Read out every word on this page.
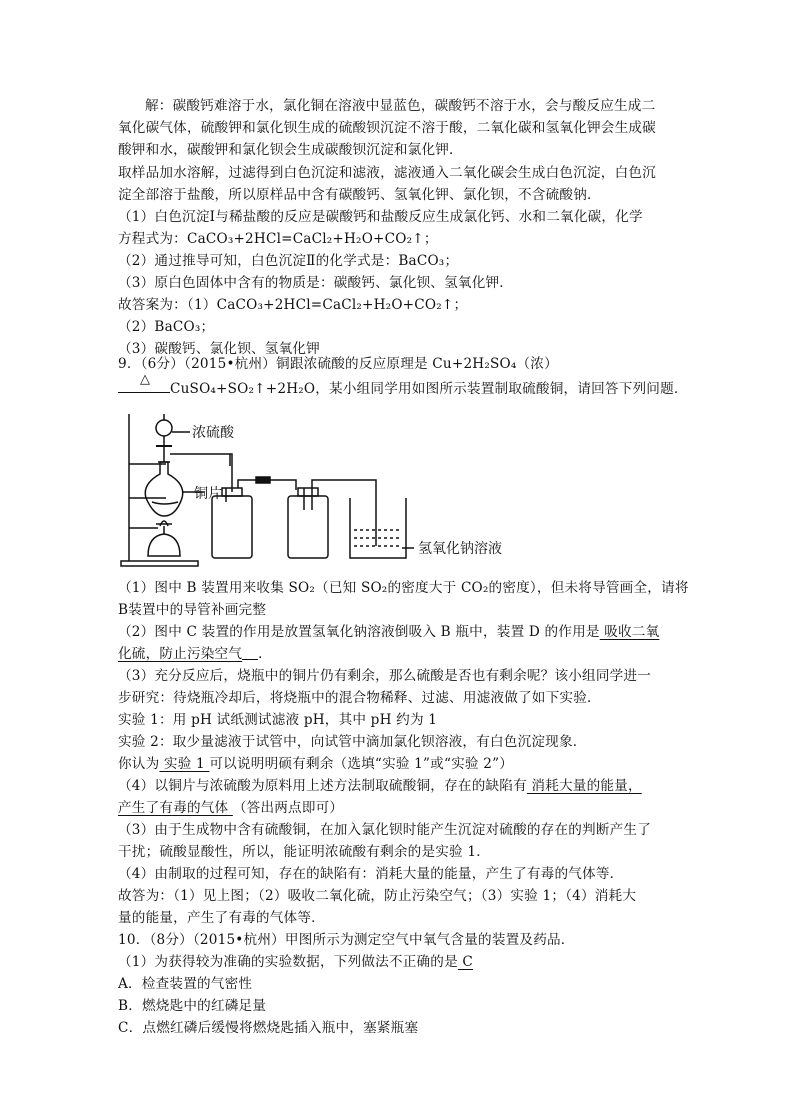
解：碳酸钙难溶于水，氯化铜在溶液中显蓝色，碳酸钙不溶于水，会与酸反应生成二
氧化碳气体，硫酸钾和氯化钡生成的硫酸钡沉淀不溶于酸，二氧化碳和氢氧化钾会生成碳
酸钾和水，碳酸钾和氯化钡会生成碳酸钡沉淀和氯化钾．
取样品加水溶解，过滤得到白色沉淀和滤液，滤液通入二氧化碳会生成白色沉淀，白色沉
淀全部溶于盐酸，所以原样品中含有碳酸钙、氢氧化钾、氯化钡，不含硫酸钠．
（1）白色沉淀Ⅰ与稀盐酸的反应是碳酸钙和盐酸反应生成氯化钙、水和二氧化碳，化学
方程式为：CaCO₃+2HCl=CaCl₂+H₂O+CO₂↑；
（2）通过推导可知，白色沉淀Ⅱ的化学式是：BaCO₃；
（3）原白色固体中含有的物质是：碳酸钙、氯化钡、氢氧化钾．
故答案为：（1）CaCO₃+2HCl=CaCl₂+H₂O+CO₂↑；
（2）BaCO₃；
（3）碳酸钙、氯化钡、氢氧化钾
9．（6分）（2015•杭州）铜跟浓硫酸的反应原理是 Cu+2H₂SO₄（浓）
△
CuSO₄+SO₂↑+2H₂O，某小组同学用如图所示装置制取硫酸铜，请回答下列问题．
浓硫酸
铜片
氢氧化钠溶液
（1）图中 B 装置用来收集 SO₂（已知 SO₂的密度大于 CO₂的密度），但未将导管画全，请将
B装置中的导管补画完整
（2）图中 C 装置的作用是放置氢氧化钠溶液倒吸入 B 瓶中，装置 D 的作用是 吸收二氧
化硫，防止污染空气 ．
（3）充分反应后，烧瓶中的铜片仍有剩余，那么硫酸是否也有剩余呢？该小组同学进一
步研究：待烧瓶冷却后，将烧瓶中的混合物稀释、过滤、用滤液做了如下实验．
实验 1：用 pH 试纸测试滤液 pH，其中 pH 约为 1
实验 2：取少量滤液于试管中，向试管中滴加氯化钡溶液，有白色沉淀现象．
你认为 实验 1 可以说明明硕有剩余（选填“实验 1”或“实验 2”）
（4）以铜片与浓硫酸为原料用上述方法制取硫酸铜，存在的缺陷有 消耗大量的能量，
产生了有毒的气体 （答出两点即可）
（3）由于生成物中含有硫酸铜，在加入氯化钡时能产生沉淀对硫酸的存在的判断产生了
干扰；硫酸显酸性，所以，能证明浓硫酸有剩余的是实验 1．
（4）由制取的过程可知，存在的缺陷有：消耗大量的能量，产生了有毒的气体等．
故答为：（1）见上图；（2）吸收二氧化硫，防止污染空气；（3）实验 1；（4）消耗大
量的能量，产生了有毒的气体等．
10．（8分）（2015•杭州）甲图所示为测定空气中氧气含量的装置及药品．
（1）为获得较为准确的实验数据，下列做法不正确的是 C
A．检查装置的气密性
B．燃烧匙中的红磷足量
C．点燃红磷后缓慢将燃烧匙插入瓶中，塞紧瓶塞
